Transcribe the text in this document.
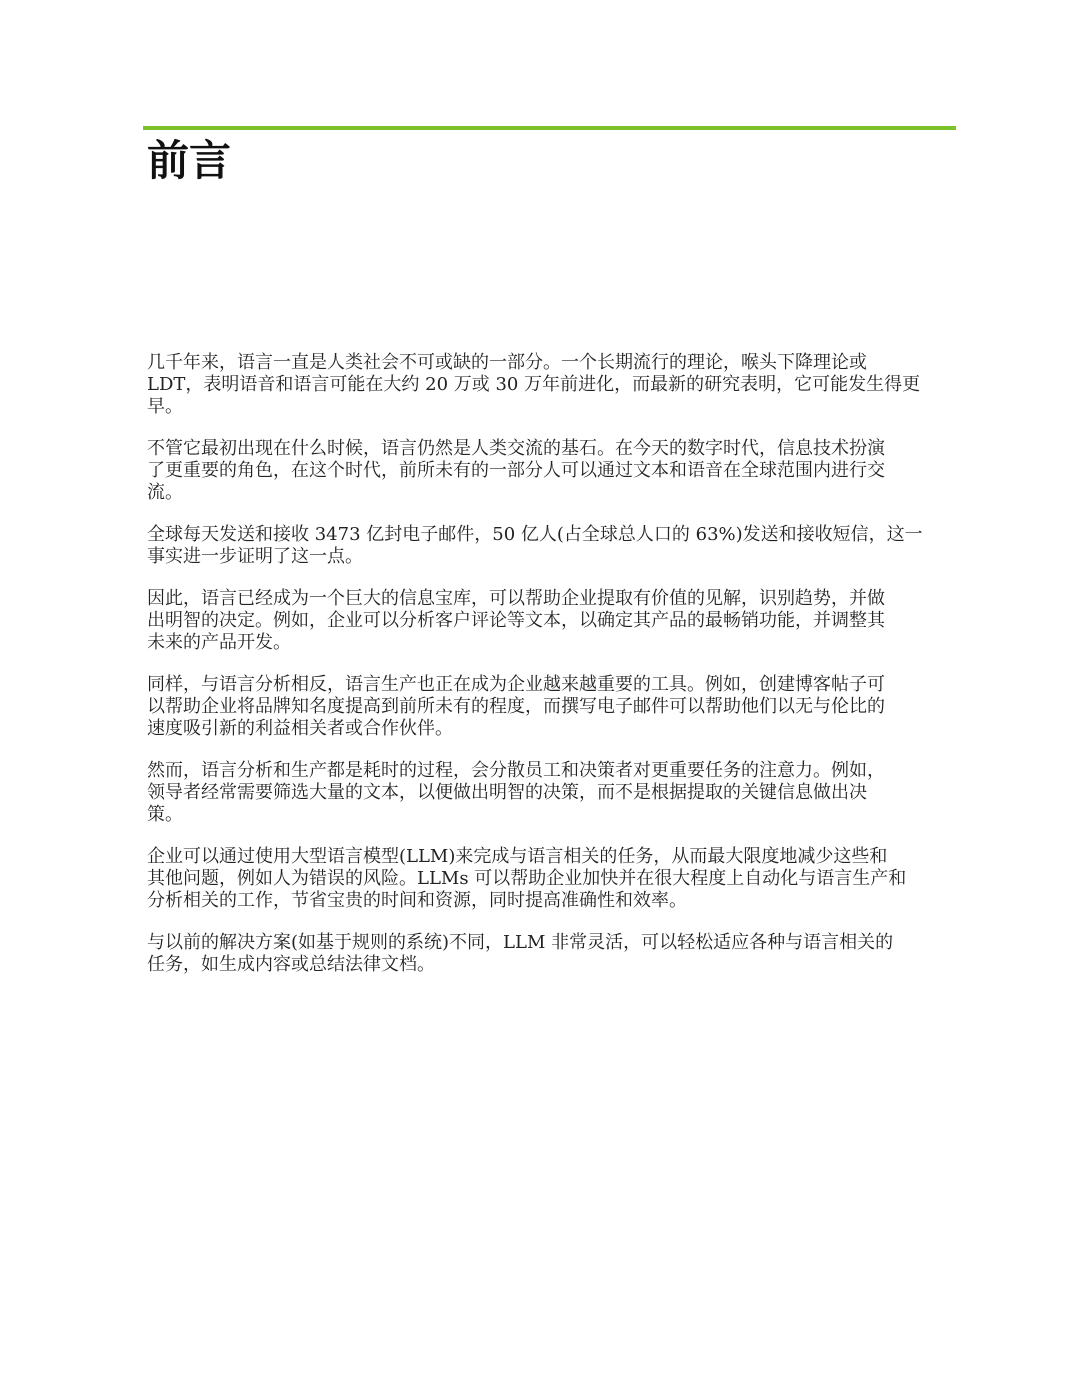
前言

几千年来，语言一直是人类社会不可或缺的一部分。一个长期流行的理论，喉头下降理论或
LDT，表明语音和语言可能在大约 20 万或 30 万年前进化，而最新的研究表明，它可能发生得更
早。

不管它最初出现在什么时候，语言仍然是人类交流的基石。在今天的数字时代，信息技术扮演
了更重要的角色，在这个时代，前所未有的一部分人可以通过文本和语音在全球范围内进行交
流。

全球每天发送和接收 3473 亿封电子邮件，50 亿人(占全球总人口的 63%)发送和接收短信，这一
事实进一步证明了这一点。

因此，语言已经成为一个巨大的信息宝库，可以帮助企业提取有价值的见解，识别趋势，并做
出明智的决定。例如，企业可以分析客户评论等文本，以确定其产品的最畅销功能，并调整其
未来的产品开发。

同样，与语言分析相反，语言生产也正在成为企业越来越重要的工具。例如，创建博客帖子可
以帮助企业将品牌知名度提高到前所未有的程度，而撰写电子邮件可以帮助他们以无与伦比的
速度吸引新的利益相关者或合作伙伴。

然而，语言分析和生产都是耗时的过程，会分散员工和决策者对更重要任务的注意力。例如，
领导者经常需要筛选大量的文本，以便做出明智的决策，而不是根据提取的关键信息做出决
策。

企业可以通过使用大型语言模型(LLM)来完成与语言相关的任务，从而最大限度地减少这些和
其他问题，例如人为错误的风险。LLMs 可以帮助企业加快并在很大程度上自动化与语言生产和
分析相关的工作，节省宝贵的时间和资源，同时提高准确性和效率。

与以前的解决方案(如基于规则的系统)不同，LLM 非常灵活，可以轻松适应各种与语言相关的
任务，如生成内容或总结法律文档。
